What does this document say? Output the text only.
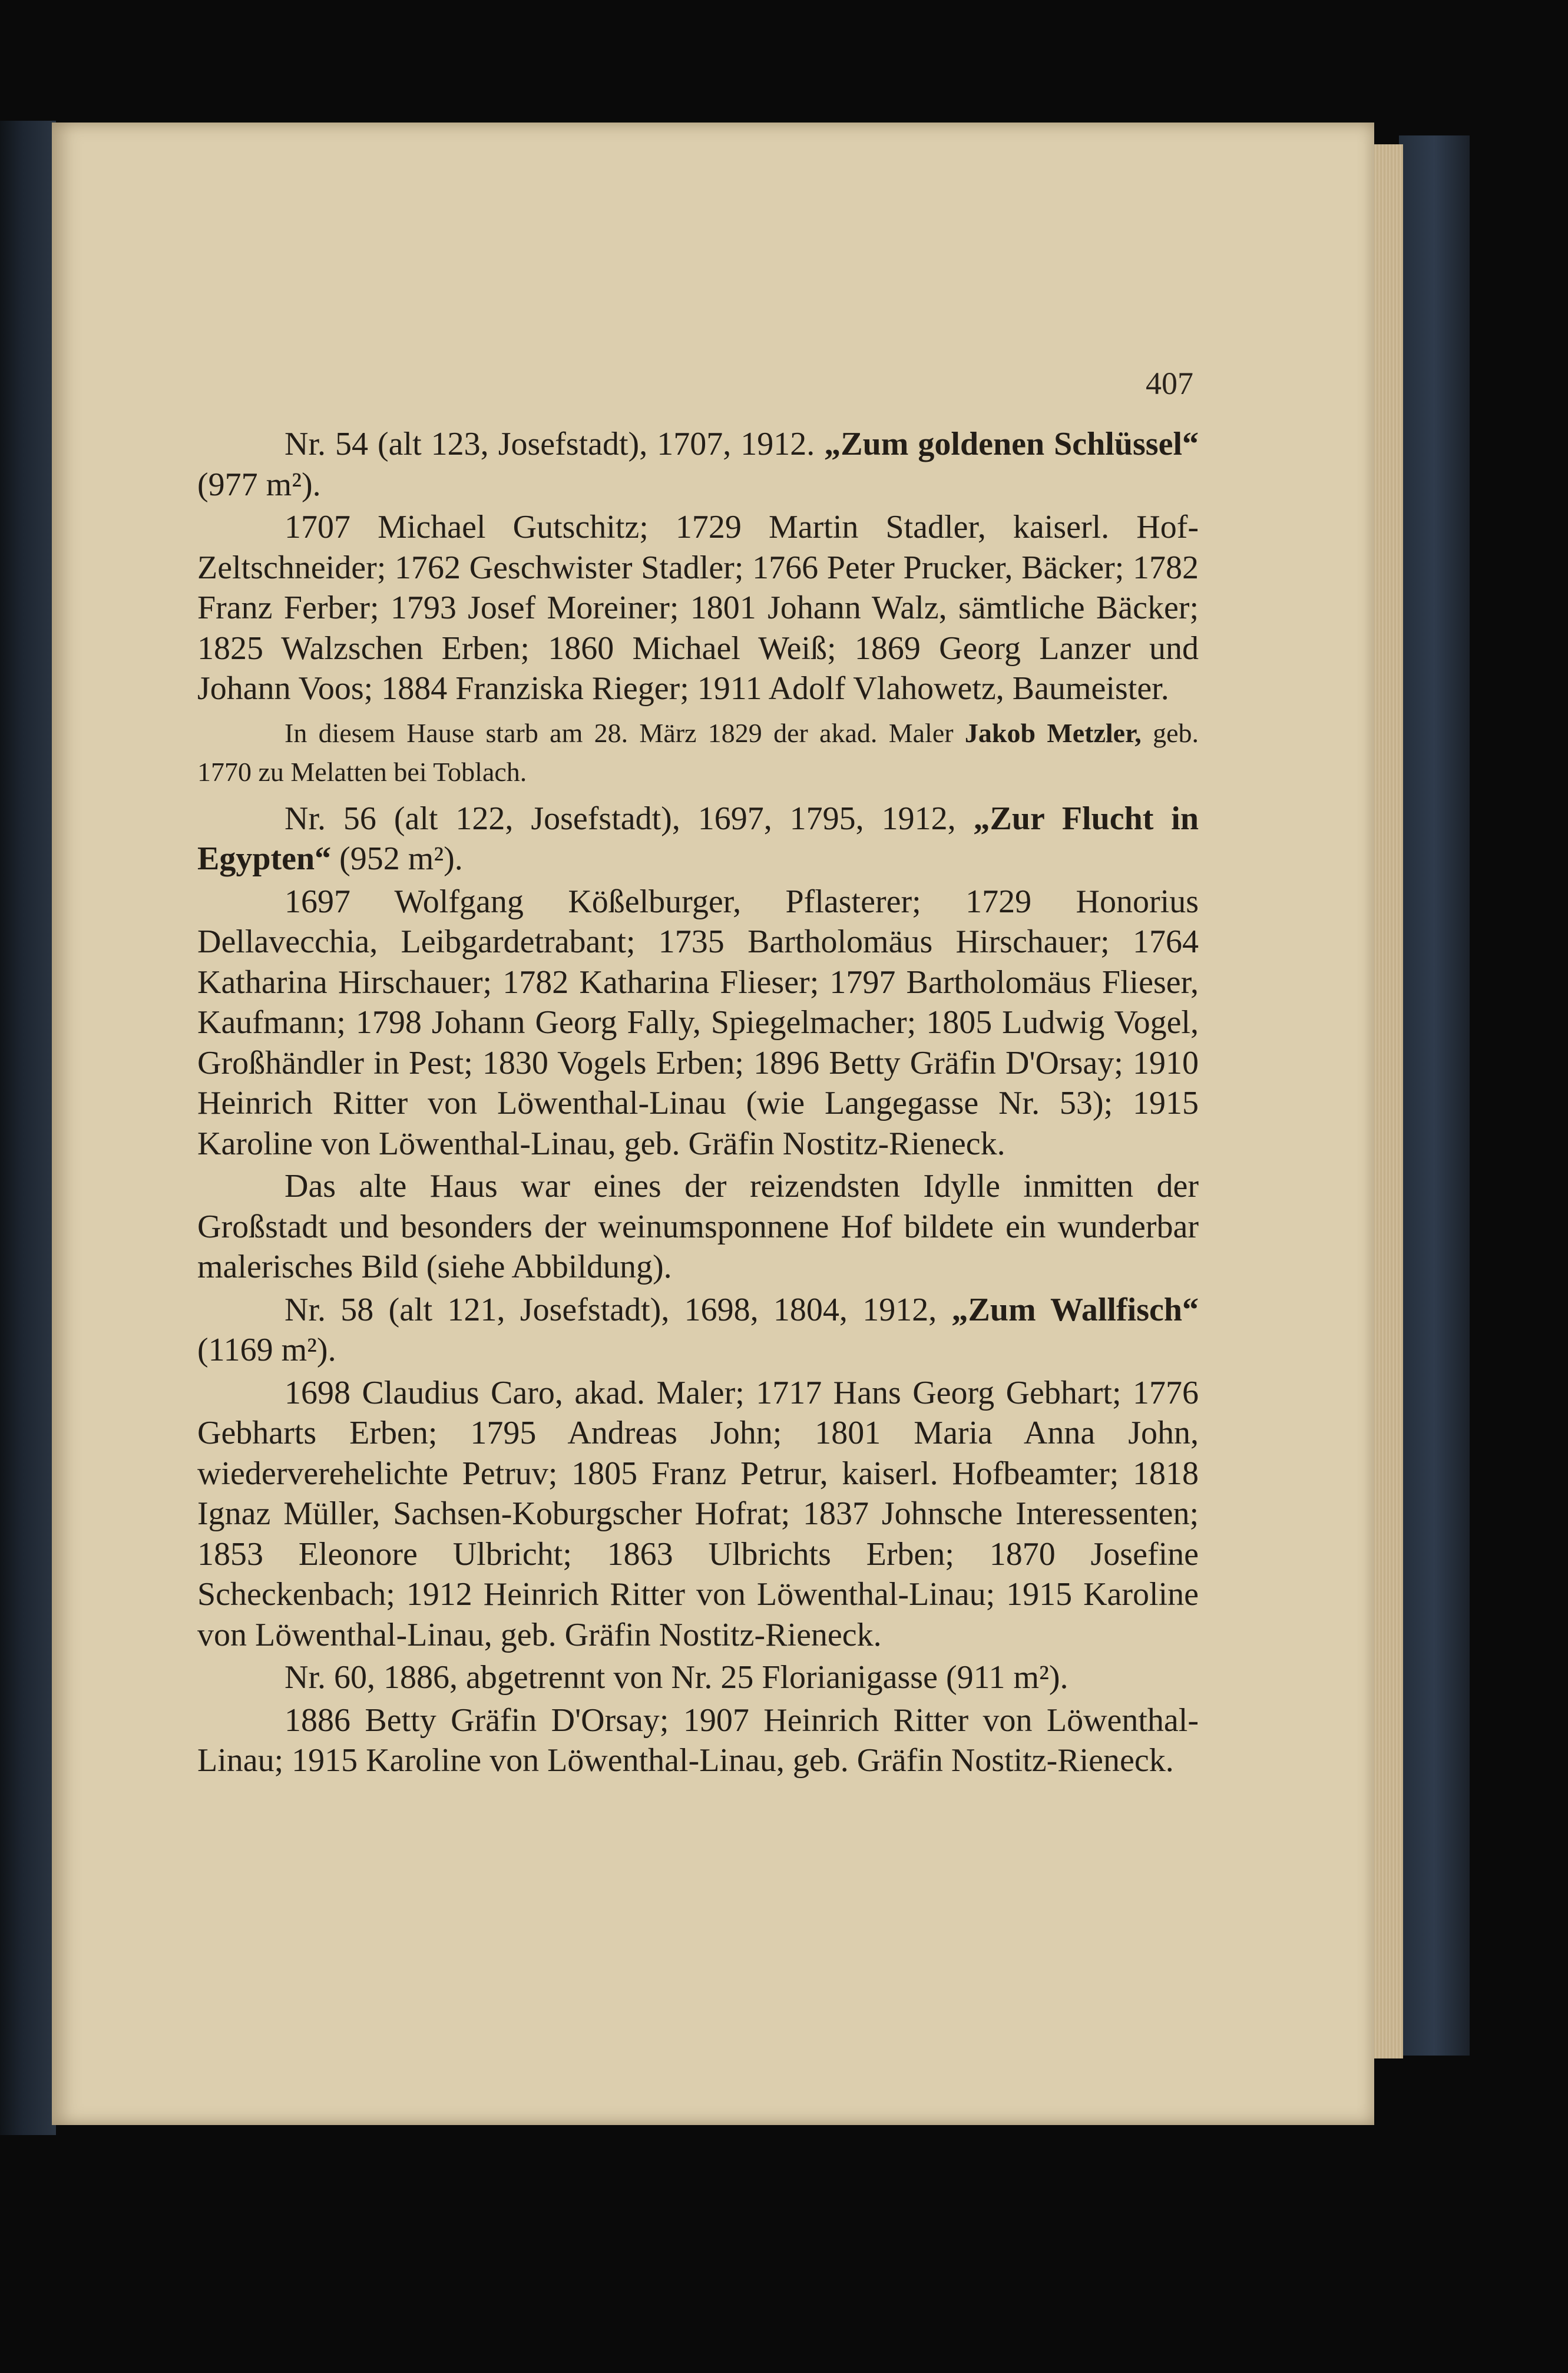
407

Nr. 54 (alt 123, Josefstadt), 1707, 1912. „Zum goldenen Schlüssel“ (977 m²).

1707 Michael Gutschitz; 1729 Martin Stadler, kaiserl. Hof-Zeltschneider; 1762 Geschwister Stadler; 1766 Peter Prucker, Bäcker; 1782 Franz Ferber; 1793 Josef Moreiner; 1801 Johann Walz, sämtliche Bäcker; 1825 Walzschen Erben; 1860 Michael Weiß; 1869 Georg Lanzer und Johann Voos; 1884 Franziska Rieger; 1911 Adolf Vlahowetz, Baumeister.

In diesem Hause starb am 28. März 1829 der akad. Maler Jakob Metzler, geb. 1770 zu Melatten bei Toblach.

Nr. 56 (alt 122, Josefstadt), 1697, 1795, 1912, „Zur Flucht in Egypten“ (952 m²).

1697 Wolfgang Kößelburger, Pflasterer; 1729 Honorius Dellavecchia, Leibgardetrabant; 1735 Bartholomäus Hirschauer; 1764 Katharina Hirschauer; 1782 Katharina Flieser; 1797 Bartholomäus Flieser, Kaufmann; 1798 Johann Georg Fally, Spiegelmacher; 1805 Ludwig Vogel, Großhändler in Pest; 1830 Vogels Erben; 1896 Betty Gräfin D'Orsay; 1910 Heinrich Ritter von Löwenthal-Linau (wie Langegasse Nr. 53); 1915 Karoline von Löwenthal-Linau, geb. Gräfin Nostitz-Rieneck.

Das alte Haus war eines der reizendsten Idylle inmitten der Großstadt und besonders der weinumsponnene Hof bildete ein wunderbar malerisches Bild (siehe Abbildung).

Nr. 58 (alt 121, Josefstadt), 1698, 1804, 1912, „Zum Wallfisch“ (1169 m²).

1698 Claudius Caro, akad. Maler; 1717 Hans Georg Gebhart; 1776 Gebharts Erben; 1795 Andreas John; 1801 Maria Anna John, wiederverehelichte Petruv; 1805 Franz Petrur, kaiserl. Hofbeamter; 1818 Ignaz Müller, Sachsen-Koburgscher Hofrat; 1837 Johnsche Interessenten; 1853 Eleonore Ulbricht; 1863 Ulbrichts Erben; 1870 Josefine Scheckenbach; 1912 Heinrich Ritter von Löwenthal-Linau; 1915 Karoline von Löwenthal-Linau, geb. Gräfin Nostitz-Rieneck.

Nr. 60, 1886, abgetrennt von Nr. 25 Florianigasse (911 m²).

1886 Betty Gräfin D'Orsay; 1907 Heinrich Ritter von Löwenthal-Linau; 1915 Karoline von Löwenthal-Linau, geb. Gräfin Nostitz-Rieneck.
